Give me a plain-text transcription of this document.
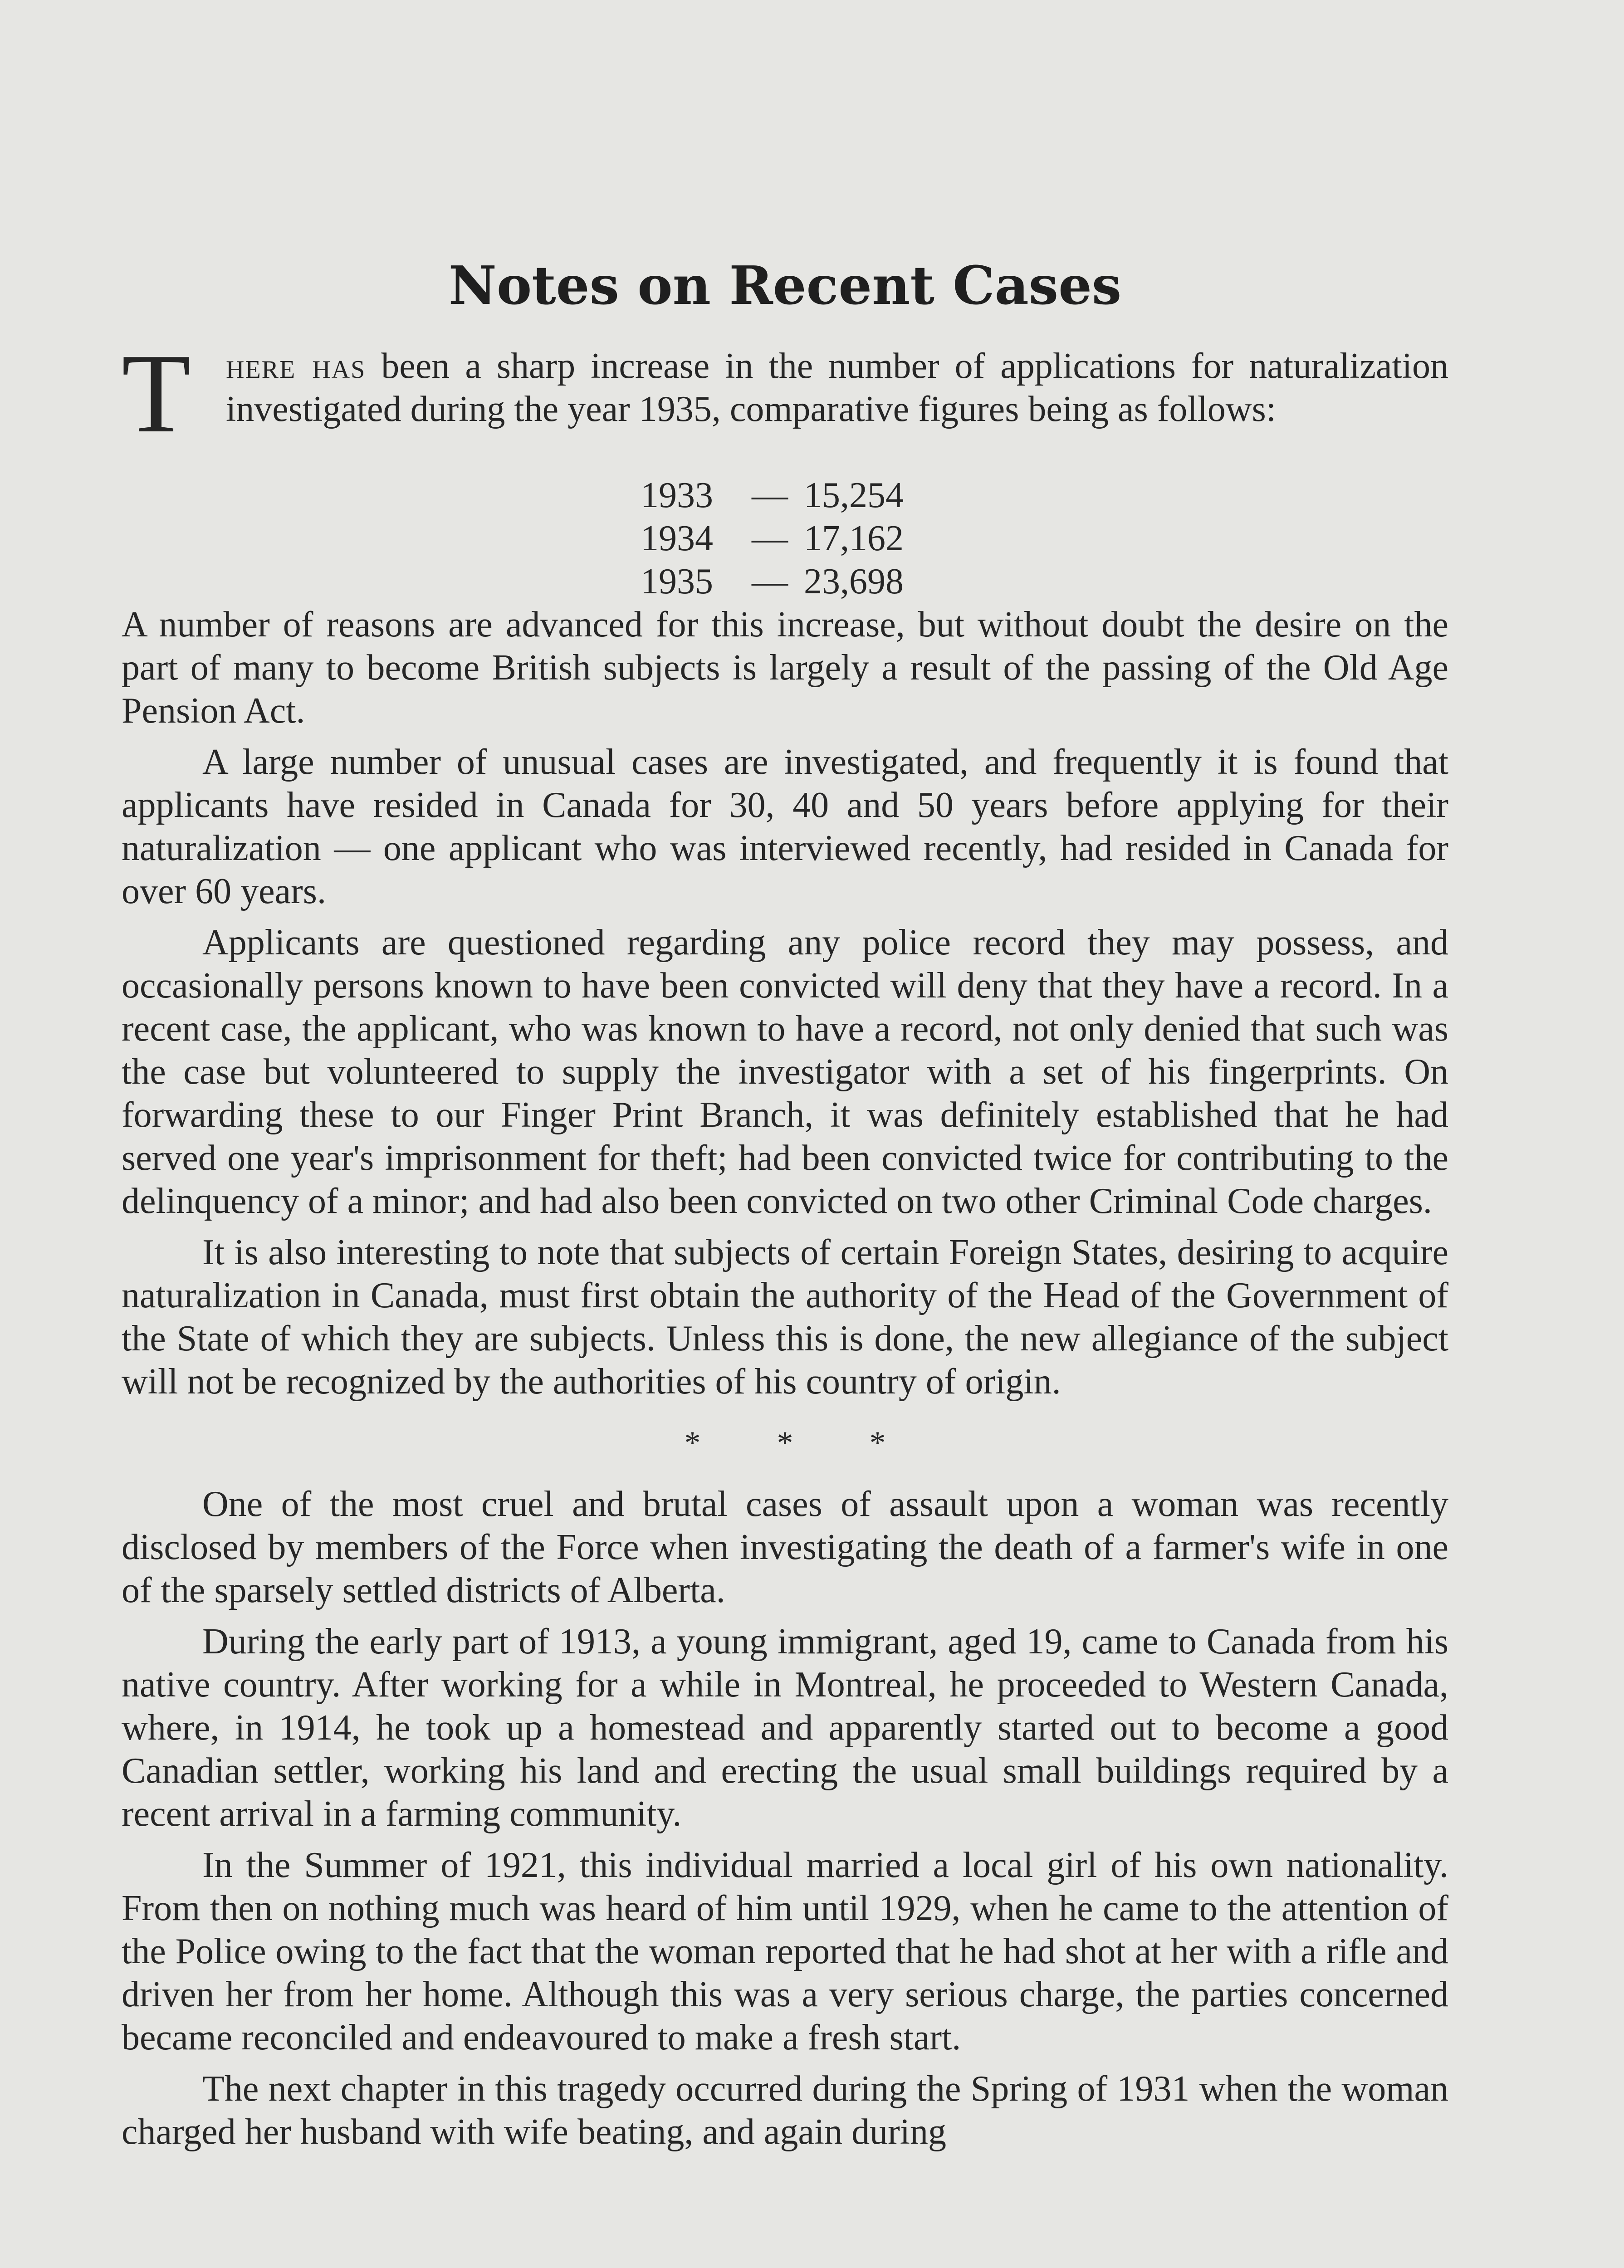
Notes on Recent Cases
T here has been a sharp increase in the number of applications for naturalization investigated during the year 1935, comparative figures being as follows:
1933	— 15,254
1934	— 17,162
1935	— 23,698

A number of reasons are advanced for this increase, but without doubt the desire on the part of many to become British subjects is largely a result of the passing of the Old Age Pension Act.

A large number of unusual cases are investigated, and frequently it is found that applicants have resided in Canada for 30, 40 and 50 years before applying for their naturalization — one applicant who was interviewed recently, had resided in Canada for over 60 years.

Applicants are questioned regarding any police record they may possess, and occasionally persons known to have been convicted will deny that they have a record. In a recent case, the applicant, who was known to have a record, not only denied that such was the case but volunteered to supply the investigator with a set of his fingerprints. On forwarding these to our Finger Print Branch, it was definitely established that he had served one year's imprisonment for theft; had been convicted twice for contributing to the delinquency of a minor; and had also been convicted on two other Criminal Code charges.

It is also interesting to note that subjects of certain Foreign States, desiring to acquire naturalization in Canada, must first obtain the authority of the Head of the Government of the State of which they are subjects. Unless this is done, the new allegiance of the subject will not be recognized by the authorities of his country of origin.

* * *

One of the most cruel and brutal cases of assault upon a woman was recently disclosed by members of the Force when investigating the death of a farmer's wife in one of the sparsely settled districts of Alberta.

During the early part of 1913, a young immigrant, aged 19, came to Canada from his native country. After working for a while in Montreal, he proceeded to Western Canada, where, in 1914, he took up a homestead and apparently started out to become a good Canadian settler, working his land and erecting the usual small buildings required by a recent arrival in a farming community.

In the Summer of 1921, this individual married a local girl of his own nationality. From then on nothing much was heard of him until 1929, when he came to the attention of the Police owing to the fact that the woman reported that he had shot at her with a rifle and driven her from her home. Although this was a very serious charge, the parties concerned became reconciled and endeavoured to make a fresh start.

The next chapter in this tragedy occurred during the Spring of 1931 when the woman charged her husband with wife beating, and again during
